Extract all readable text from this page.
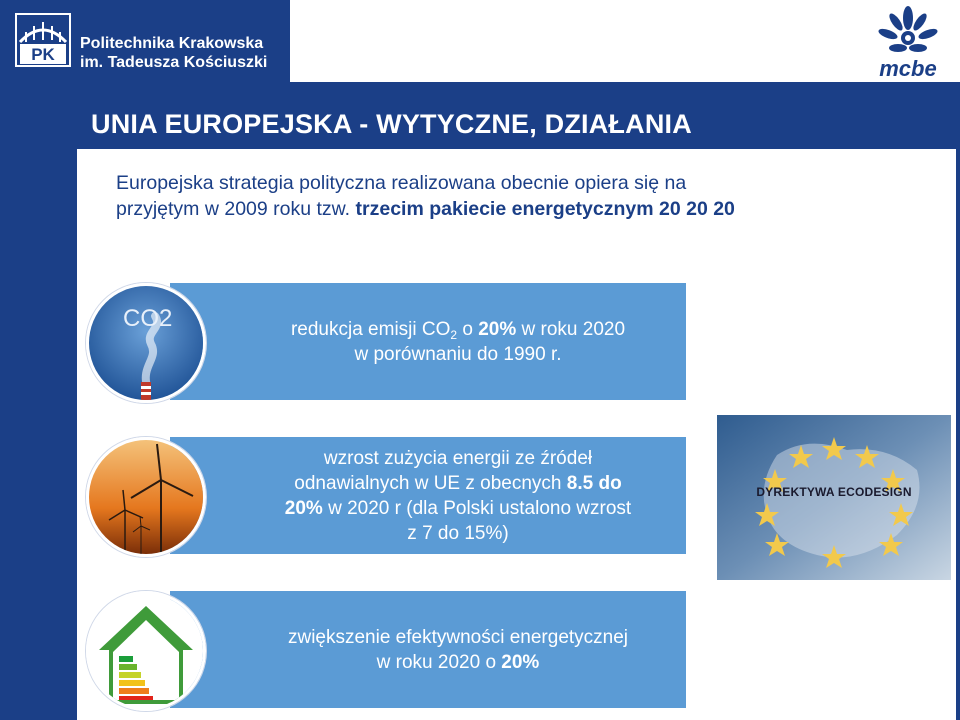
PK
Politechnika Krakowska
im. Tadeusza Kościuszki	mcbe
UNIA EUROPEJSKA - WYTYCZNE, DZIAŁANIA
Europejska strategia polityczna realizowana obecnie opiera się na
przyjętym w 2009 roku tzw. trzecim pakiecie energetycznym 20 20 20
redukcja emisji $CO_2$ o 20% w roku 2020
w porównaniu do 1990 r.
CO2
wzrost zużycia energii ze źródeł
odnawialnych w UE z obecnych 8.5 do
20% w 2020 r (dla Polski ustalono wzrost
z 7 do 15%)
zwiększenie efektywności energetycznej
w roku 2020 o 20%
DYREKTYWA ECODESIGN
